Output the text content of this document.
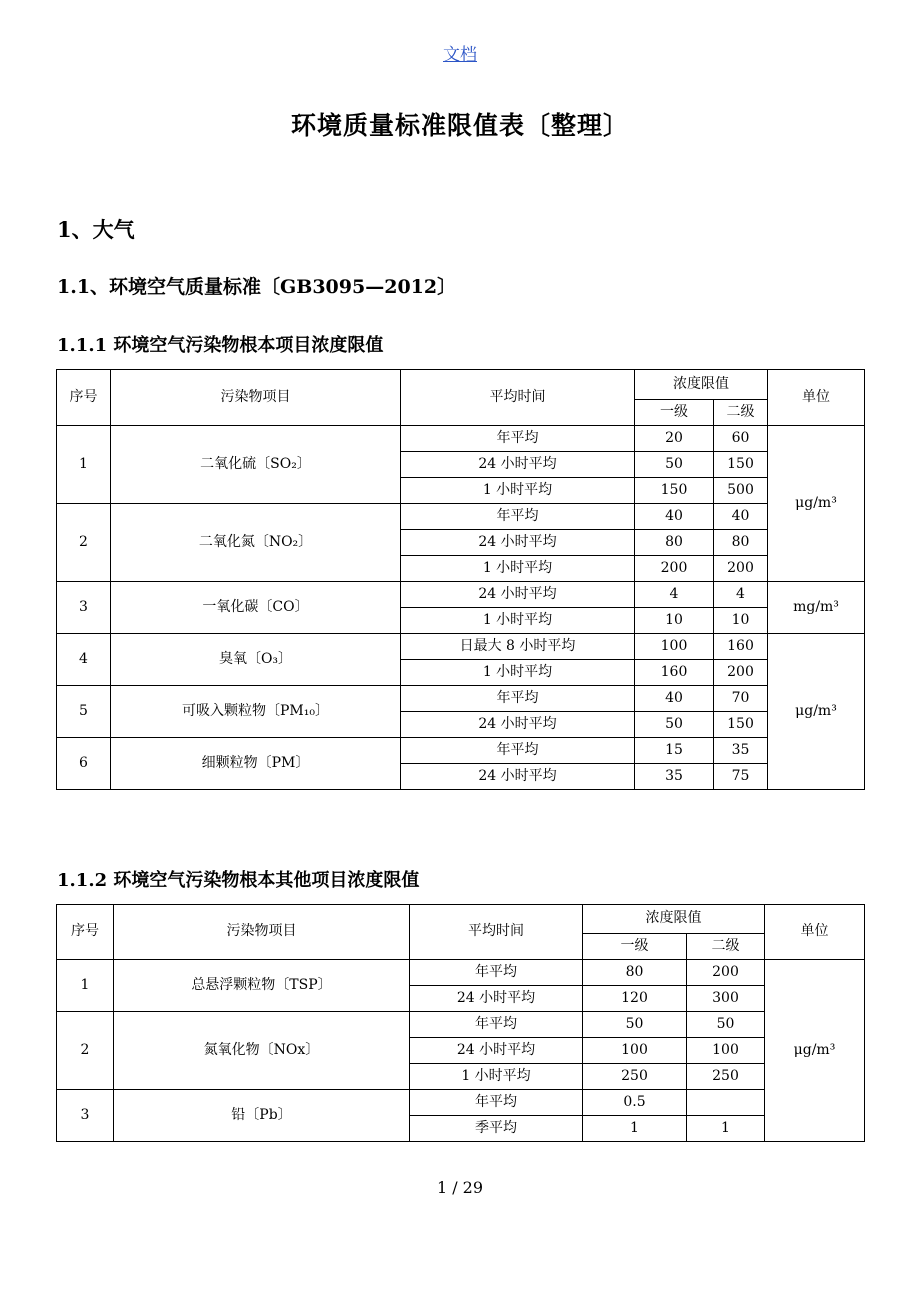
文档
环境质量标准限值表〔整理〕
1、大气
1.1、环境空气质量标准〔GB3095—2012〕
1.1.1 环境空气污染物根本项目浓度限值
序号	污染物项目	平均时间	浓度限值		单位
			一级	二级	
1	二氧化硫〔SO₂〕	年平均	20	60	μg/m³
		24 小时平均	50	150	
		1 小时平均	150	500	
2	二氧化氮〔NO₂〕	年平均	40	40	
		24 小时平均	80	80	
		1 小时平均	200	200	
3	一氧化碳〔CO〕	24 小时平均	4	4	mg/m³
		1 小时平均	10	10	
4	臭氧〔O₃〕	日最大 8 小时平均	100	160	μg/m³
		1 小时平均	160	200	
5	可吸入颗粒物〔PM₁₀〕	年平均	40	70	
		24 小时平均	50	150	
6	细颗粒物〔PM〕	年平均	15	35	
		24 小时平均	35	75	
1.1.2 环境空气污染物根本其他项目浓度限值
序号	污染物项目	平均时间	浓度限值		单位
			一级	二级	
1	总悬浮颗粒物〔TSP〕	年平均	80	200	μg/m³
		24 小时平均	120	300	
2	氮氧化物〔NOx〕	年平均	50	50	
		24 小时平均	100	100	
		1 小时平均	250	250	
3	铅〔Pb〕	年平均	0.5		
		季平均	1	1	
1 / 29
